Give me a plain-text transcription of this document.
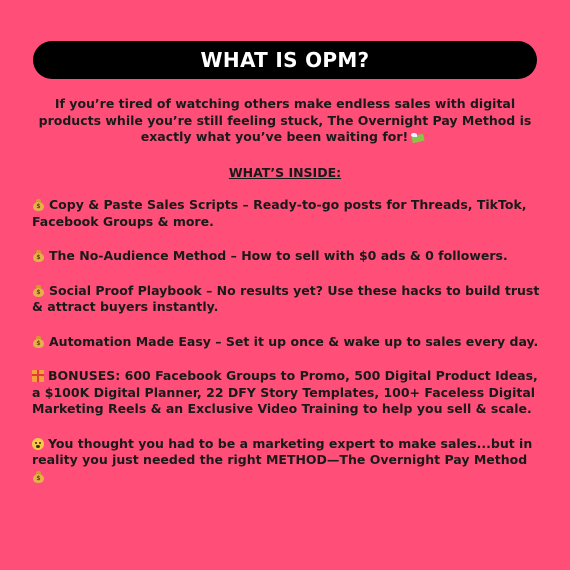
WHAT IS OPM?
If you’re tired of watching others make endless sales with digital products while you’re still feeling stuck, The Overnight Pay Method is exactly what you’ve been waiting for!
WHAT’S INSIDE:
$ Copy & Paste Sales Scripts – Ready-to-go posts for Threads, TikTok, Facebook Groups & more.
$ The No-Audience Method – How to sell with $0 ads & 0 followers.
$ Social Proof Playbook – No results yet? Use these hacks to build trust & attract buyers instantly.
$ Automation Made Easy – Set it up once & wake up to sales every day.
BONUSES: 600 Facebook Groups to Promo, 500 Digital Product Ideas, a $100K Digital Planner, 22 DFY Story Templates, 100+ Faceless Digital Marketing Reels & an Exclusive Video Training to help you sell & scale.
You thought you had to be a marketing expert to make sales...but in reality you just needed the right METHOD—The Overnight Pay Method
$
